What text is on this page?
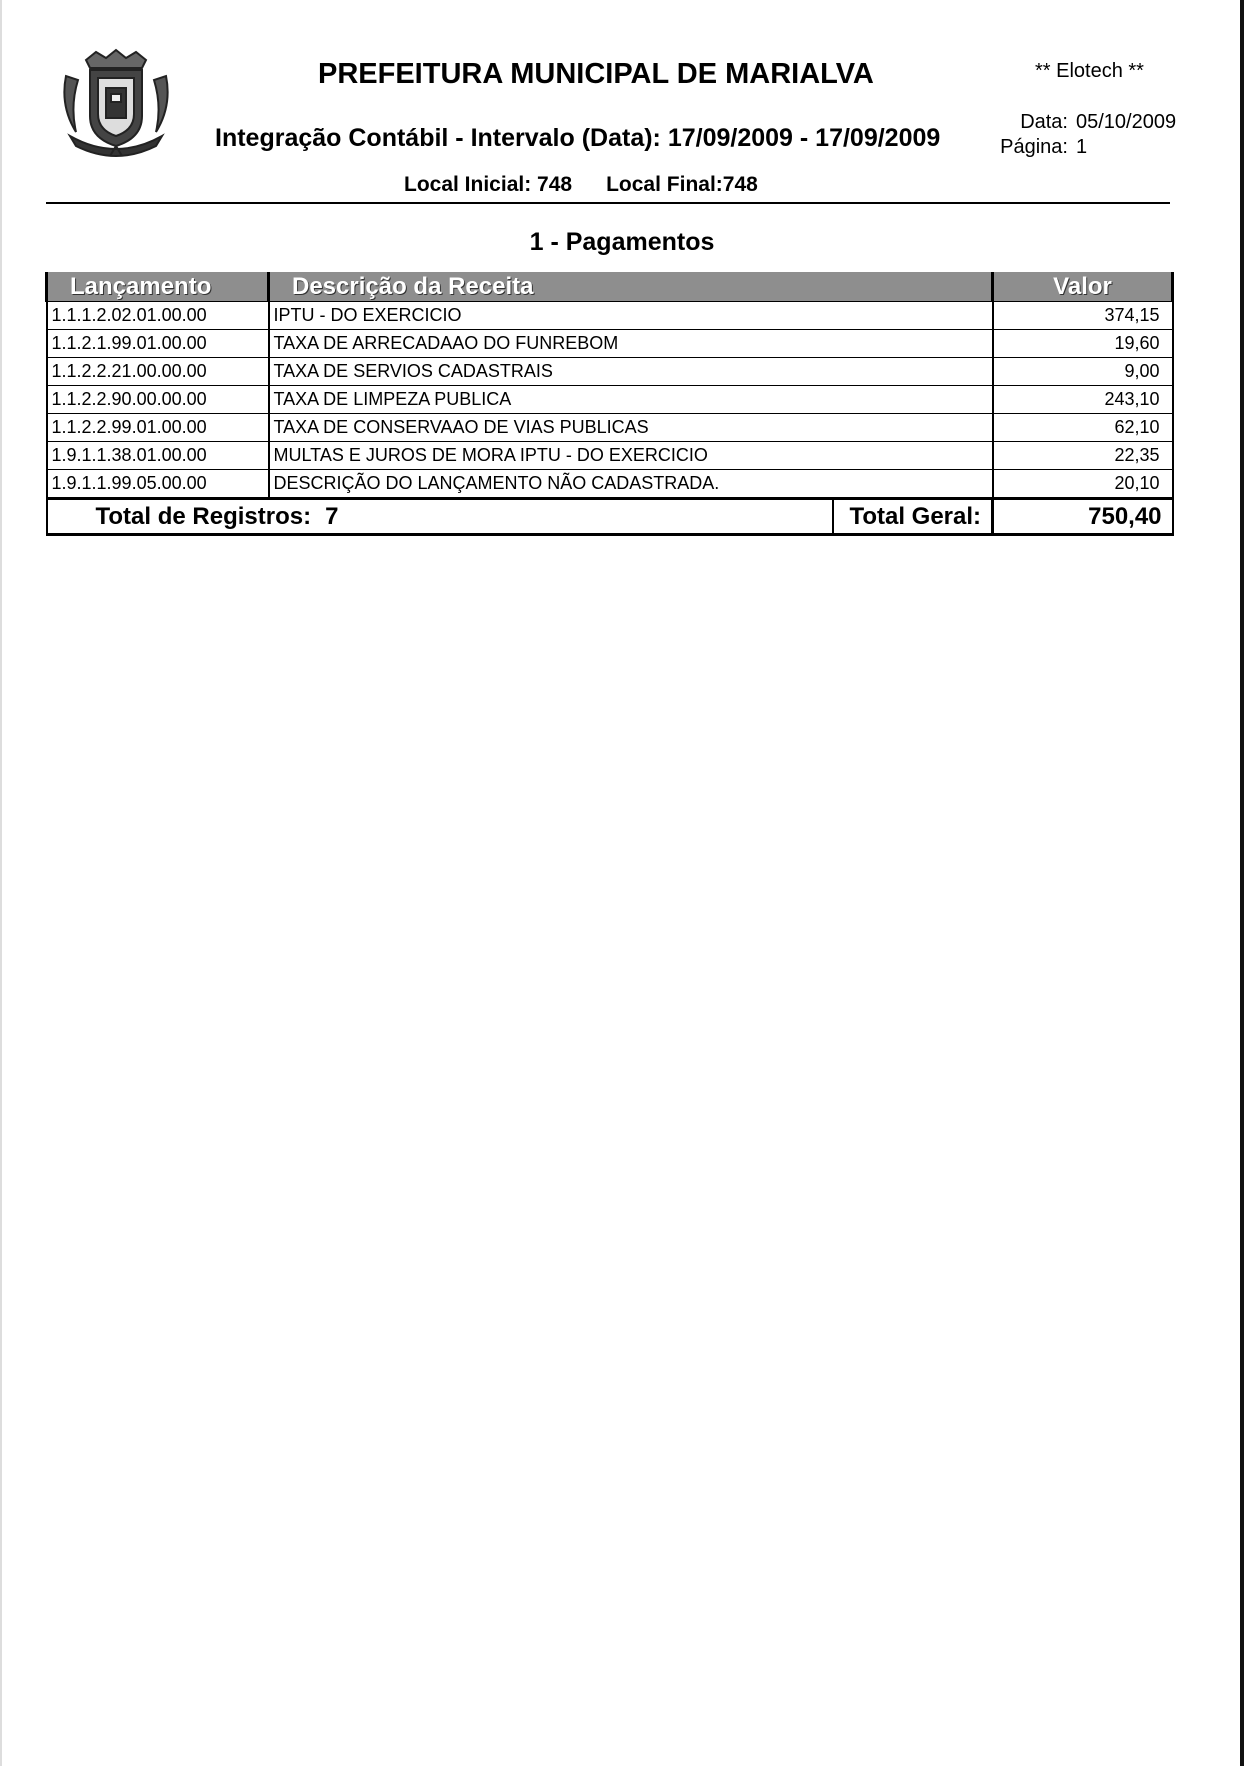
PREFEITURA MUNICIPAL DE MARIALVA
Integração Contábil - Intervalo (Data): 17/09/2009 - 17/09/2009
Local Inicial: 748 Local Final:748
** Elotech **
Data: 05/10/2009
Página: 1
1 - Pagamentos
Lançamento	Descrição da Receita		Valor
1.1.1.2.02.01.00.00	IPTU - DO EXERCICIO		374,15
1.1.2.1.99.01.00.00	TAXA DE ARRECADAAO DO FUNREBOM		19,60
1.1.2.2.21.00.00.00	TAXA DE SERVIOS CADASTRAIS		9,00
1.1.2.2.90.00.00.00	TAXA DE LIMPEZA PUBLICA		243,10
1.1.2.2.99.01.00.00	TAXA DE CONSERVAAO DE VIAS PUBLICAS		62,10
1.9.1.1.38.01.00.00	MULTAS E JUROS DE MORA IPTU - DO EXERCICIO		22,35
1.9.1.1.99.05.00.00	DESCRIÇÃO DO LANÇAMENTO NÃO CADASTRADA.		20,10
Total de Registros: 7		Total Geral:	750,40
